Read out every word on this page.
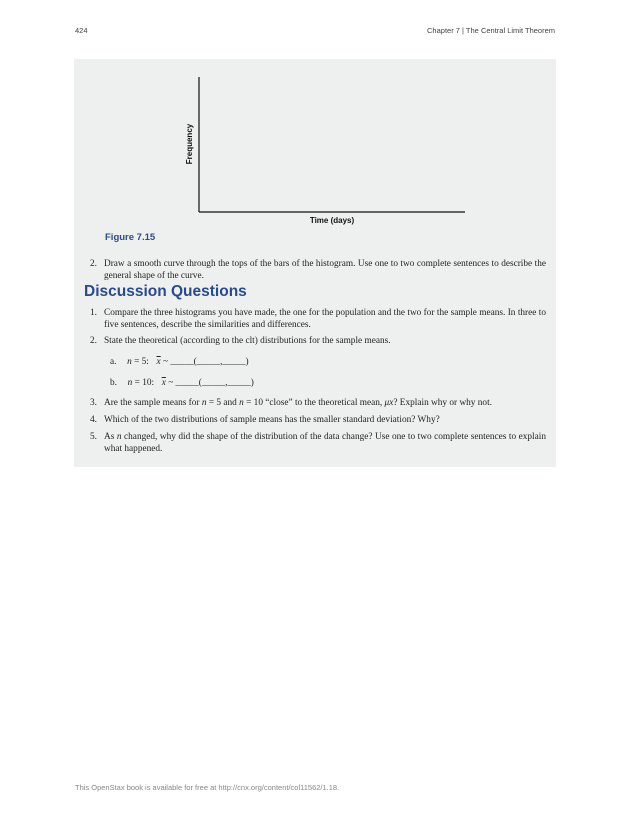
424	Chapter 7 | The Central Limit Theorem
Frequency
Time (days)
Figure 7.15
2. Draw a smooth curve through the tops of the bars of the histogram. Use one to two complete sentences to describe the general shape of the curve.
Discussion Questions
1. Compare the three histograms you have made, the one for the population and the two for the sample means. In three to five sentences, describe the similarities and differences.
2. State the theoretical (according to the clt) distributions for the sample means.
a. n = 5: $\overline{x}$ ~ _____(_____,_____)
b. n = 10: $\overline{x}$ ~ _____(_____,_____)
3. Are the sample means for n = 5 and n = 10 “close” to the theoretical mean, μx? Explain why or why not.
4. Which of the two distributions of sample means has the smaller standard deviation? Why?
5. As n changed, why did the shape of the distribution of the data change? Use one to two complete sentences to explain what happened.
This OpenStax book is available for free at http://cnx.org/content/col11562/1.18.
